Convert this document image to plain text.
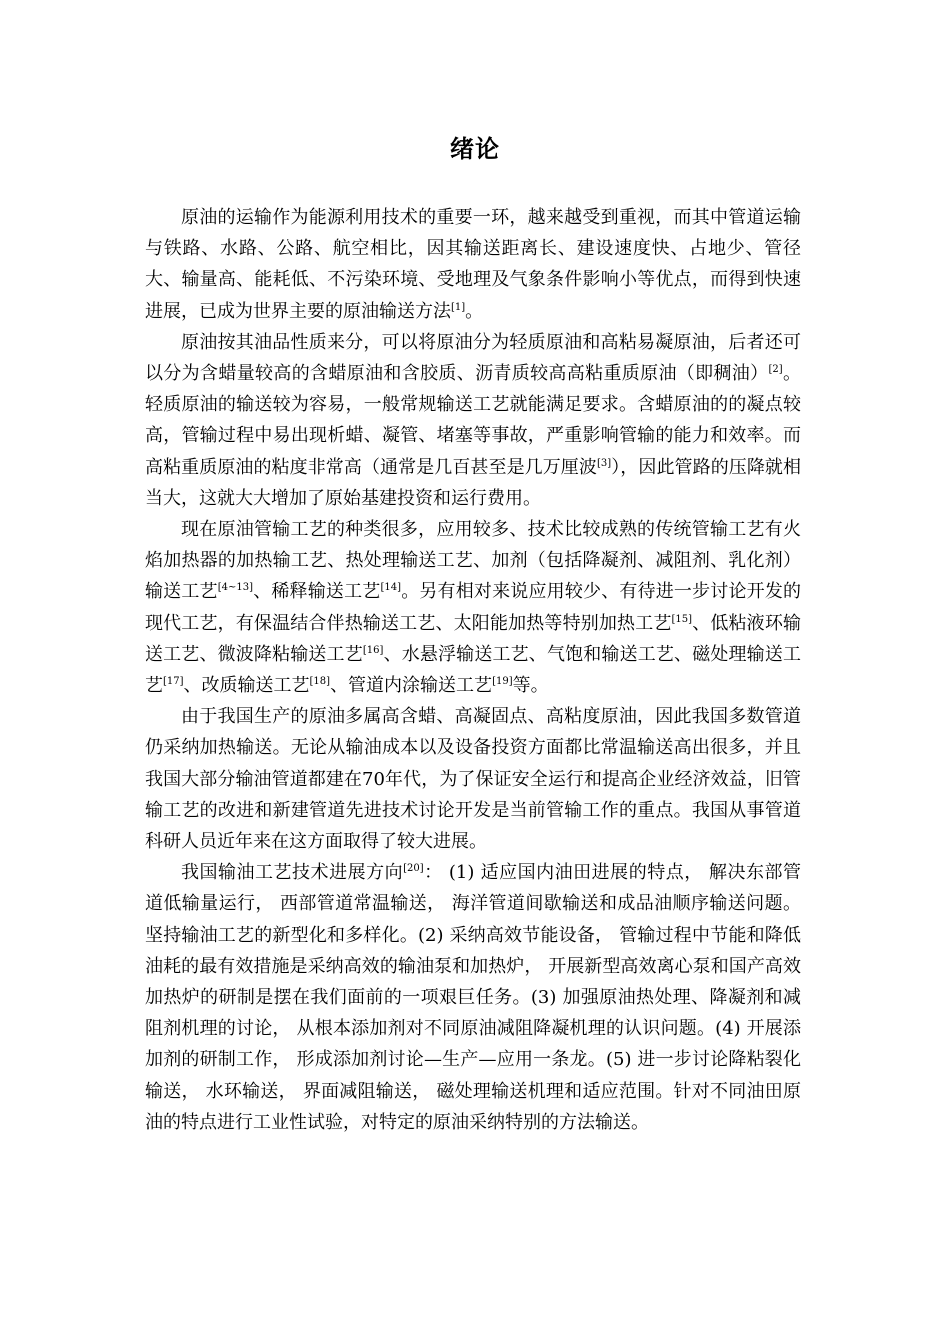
绪论

原油的运输作为能源利用技术的重要一环，越来越受到重视，而其中管道运输与铁路、水路、公路、航空相比，因其输送距离长、建设速度快、占地少、管径大、输量高、能耗低、不污染环境、受地理及气象条件影响小等优点，而得到快速进展，已成为世界主要的原油输送方法[1]。

原油按其油品性质来分，可以将原油分为轻质原油和高粘易凝原油，后者还可以分为含蜡量较高的含蜡原油和含胶质、沥青质较高高粘重质原油（即稠油）[2]。轻质原油的输送较为容易，一般常规输送工艺就能满足要求。含蜡原油的的凝点较高，管输过程中易出现析蜡、凝管、堵塞等事故，严重影响管输的能力和效率。而高粘重质原油的粘度非常高（通常是几百甚至是几万厘波[3]），因此管路的压降就相当大，这就大大增加了原始基建投资和运行费用。

现在原油管输工艺的种类很多，应用较多、技术比较成熟的传统管输工艺有火焰加热器的加热输工艺、热处理输送工艺、加剂（包括降凝剂、减阻剂、乳化剂）输送工艺[4~13]、稀释输送工艺[14]。另有相对来说应用较少、有待进一步讨论开发的现代工艺，有保温结合伴热输送工艺、太阳能加热等特别加热工艺[15]、低粘液环输送工艺、微波降粘输送工艺[16]、水悬浮输送工艺、气饱和输送工艺、磁处理输送工艺[17]、改质输送工艺[18]、管道内涂输送工艺[19]等。

由于我国生产的原油多属高含蜡、高凝固点、高粘度原油，因此我国多数管道仍采纳加热输送。无论从输油成本以及设备投资方面都比常温输送高出很多，并且我国大部分输油管道都建在70年代，为了保证安全运行和提高企业经济效益，旧管输工艺的改进和新建管道先进技术讨论开发是当前管输工作的重点。我国从事管道科研人员近年来在这方面取得了较大进展。

我国输油工艺技术进展方向[20]： (1) 适应国内油田进展的特点， 解决东部管道低输量运行， 西部管道常温输送， 海洋管道间歇输送和成品油顺序输送问题。坚持输油工艺的新型化和多样化。(2) 采纳高效节能设备， 管输过程中节能和降低油耗的最有效措施是采纳高效的输油泵和加热炉， 开展新型高效离心泵和国产高效加热炉的研制是摆在我们面前的一项艰巨任务。(3) 加强原油热处理、降凝剂和减阻剂机理的讨论， 从根本添加剂对不同原油减阻降凝机理的认识问题。(4) 开展添加剂的研制工作， 形成添加剂讨论—生产—应用一条龙。(5) 进一步讨论降粘裂化输送， 水环输送， 界面减阻输送， 磁处理输送机理和适应范围。针对不同油田原油的特点进行工业性试验，对特定的原油采纳特别的方法输送。
